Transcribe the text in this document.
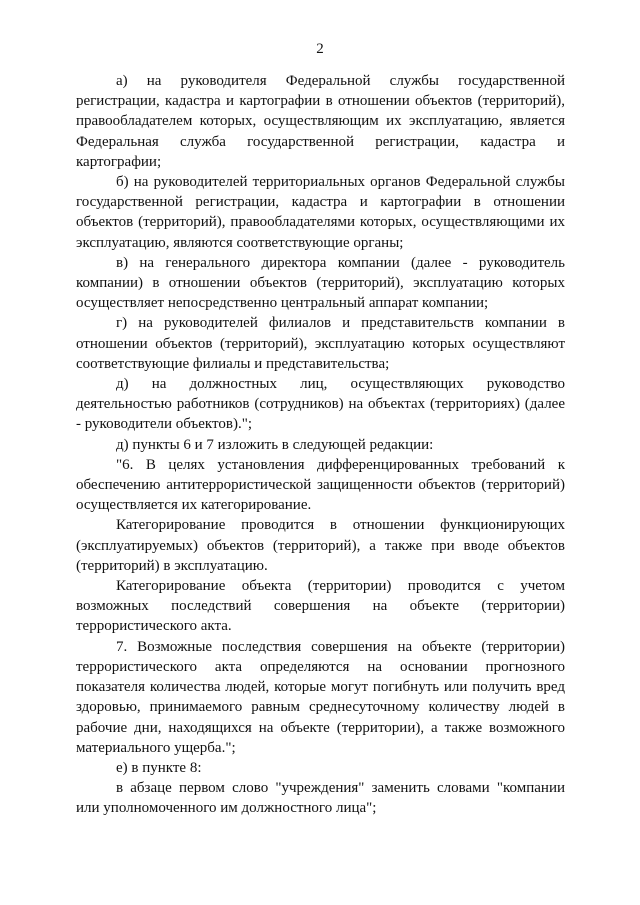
2

а) на руководителя Федеральной службы государственной регистрации, кадастра и картографии в отношении объектов (территорий), правообладателем которых, осуществляющим их эксплуатацию, является Федеральная служба государственной регистрации, кадастра и картографии;

б) на руководителей территориальных органов Федеральной службы государственной регистрации, кадастра и картографии в отношении объектов (территорий), правообладателями которых, осуществляющими их эксплуатацию, являются соответствующие органы;

в) на генерального директора компании (далее - руководитель компании) в отношении объектов (территорий), эксплуатацию которых осуществляет непосредственно центральный аппарат компании;

г) на руководителей филиалов и представительств компании в отношении объектов (территорий), эксплуатацию которых осуществляют соответствующие филиалы и представительства;

д) на должностных лиц, осуществляющих руководство деятельностью работников (сотрудников) на объектах (территориях) (далее - руководители объектов).";

д) пункты 6 и 7 изложить в следующей редакции:

"6. В целях установления дифференцированных требований к обеспечению антитеррористической защищенности объектов (территорий) осуществляется их категорирование.

Категорирование проводится в отношении функционирующих (эксплуатируемых) объектов (территорий), а также при вводе объектов (территорий) в эксплуатацию.

Категорирование объекта (территории) проводится с учетом возможных последствий совершения на объекте (территории) террористического акта.

7. Возможные последствия совершения на объекте (территории) террористического акта определяются на основании прогнозного показателя количества людей, которые могут погибнуть или получить вред здоровью, принимаемого равным среднесуточному количеству людей в рабочие дни, находящихся на объекте (территории), а также возможного материального ущерба.";

е) в пункте 8:

в абзаце первом слово "учреждения" заменить словами "компании или уполномоченного им должностного лица";
